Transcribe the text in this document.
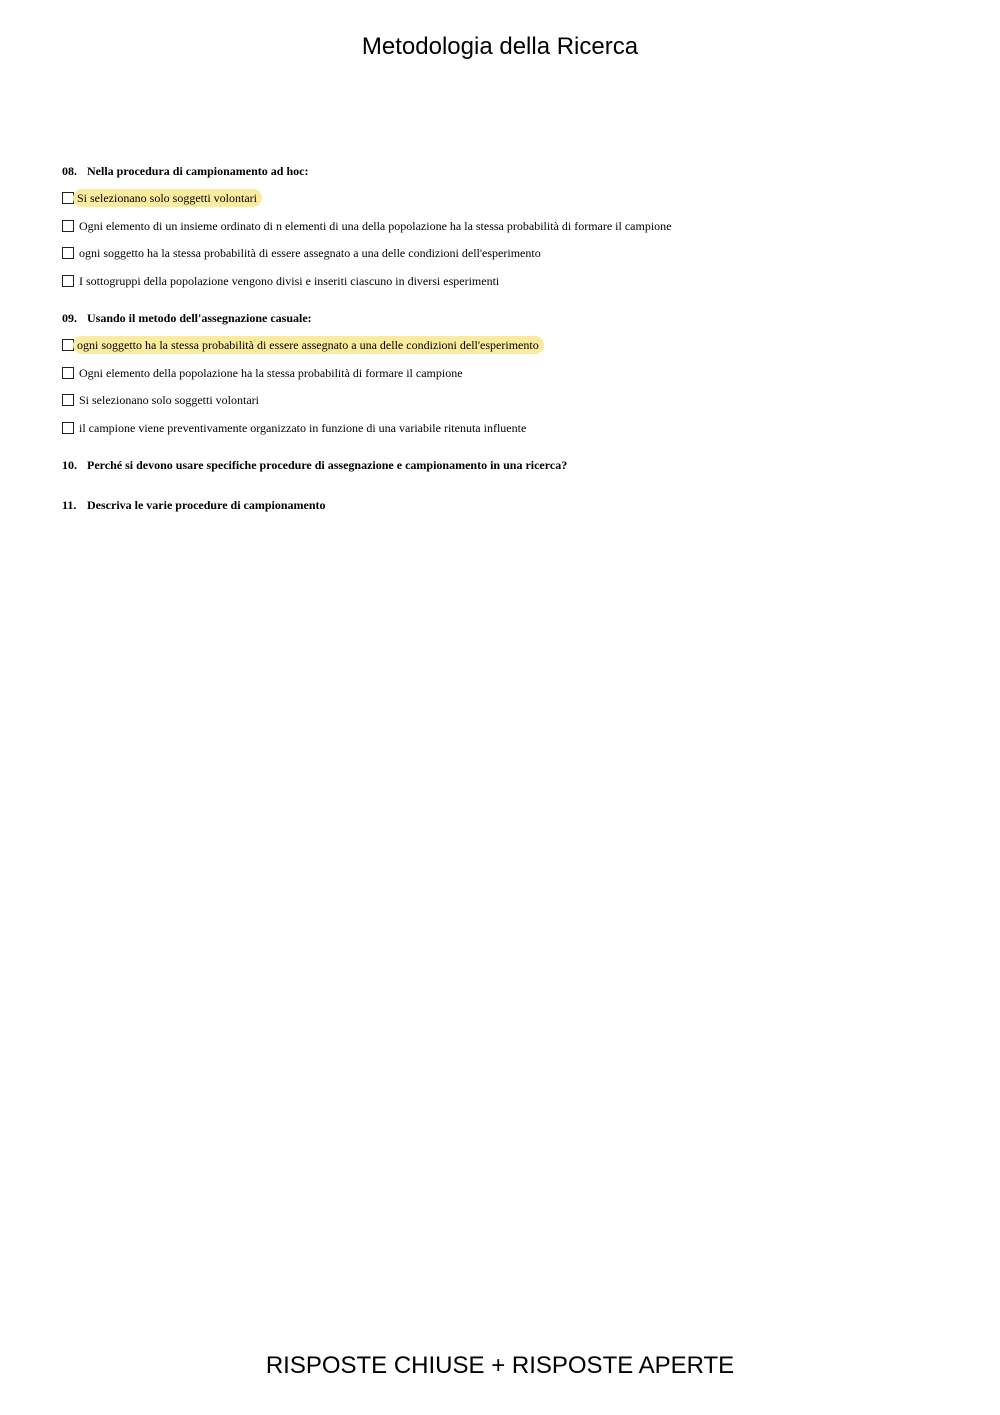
Metodologia della Ricerca
08. Nella procedura di campionamento ad hoc:
Si selezionano solo soggetti volontari
Ogni elemento di un insieme ordinato di n elementi di una della popolazione ha la stessa probabilità di formare il campione
ogni soggetto ha la stessa probabilità di essere assegnato a una delle condizioni dell'esperimento
I sottogruppi della popolazione vengono divisi e inseriti ciascuno in diversi esperimenti
09. Usando il metodo dell'assegnazione casuale:
ogni soggetto ha la stessa probabilità di essere assegnato a una delle condizioni dell'esperimento
Ogni elemento della popolazione ha la stessa probabilità di formare il campione
Si selezionano solo soggetti volontari
il campione viene preventivamente organizzato in funzione di una variabile ritenuta influente
10. Perché si devono usare specifiche procedure di assegnazione e campionamento in una ricerca?
11. Descriva le varie procedure di campionamento
RISPOSTE CHIUSE + RISPOSTE APERTE
